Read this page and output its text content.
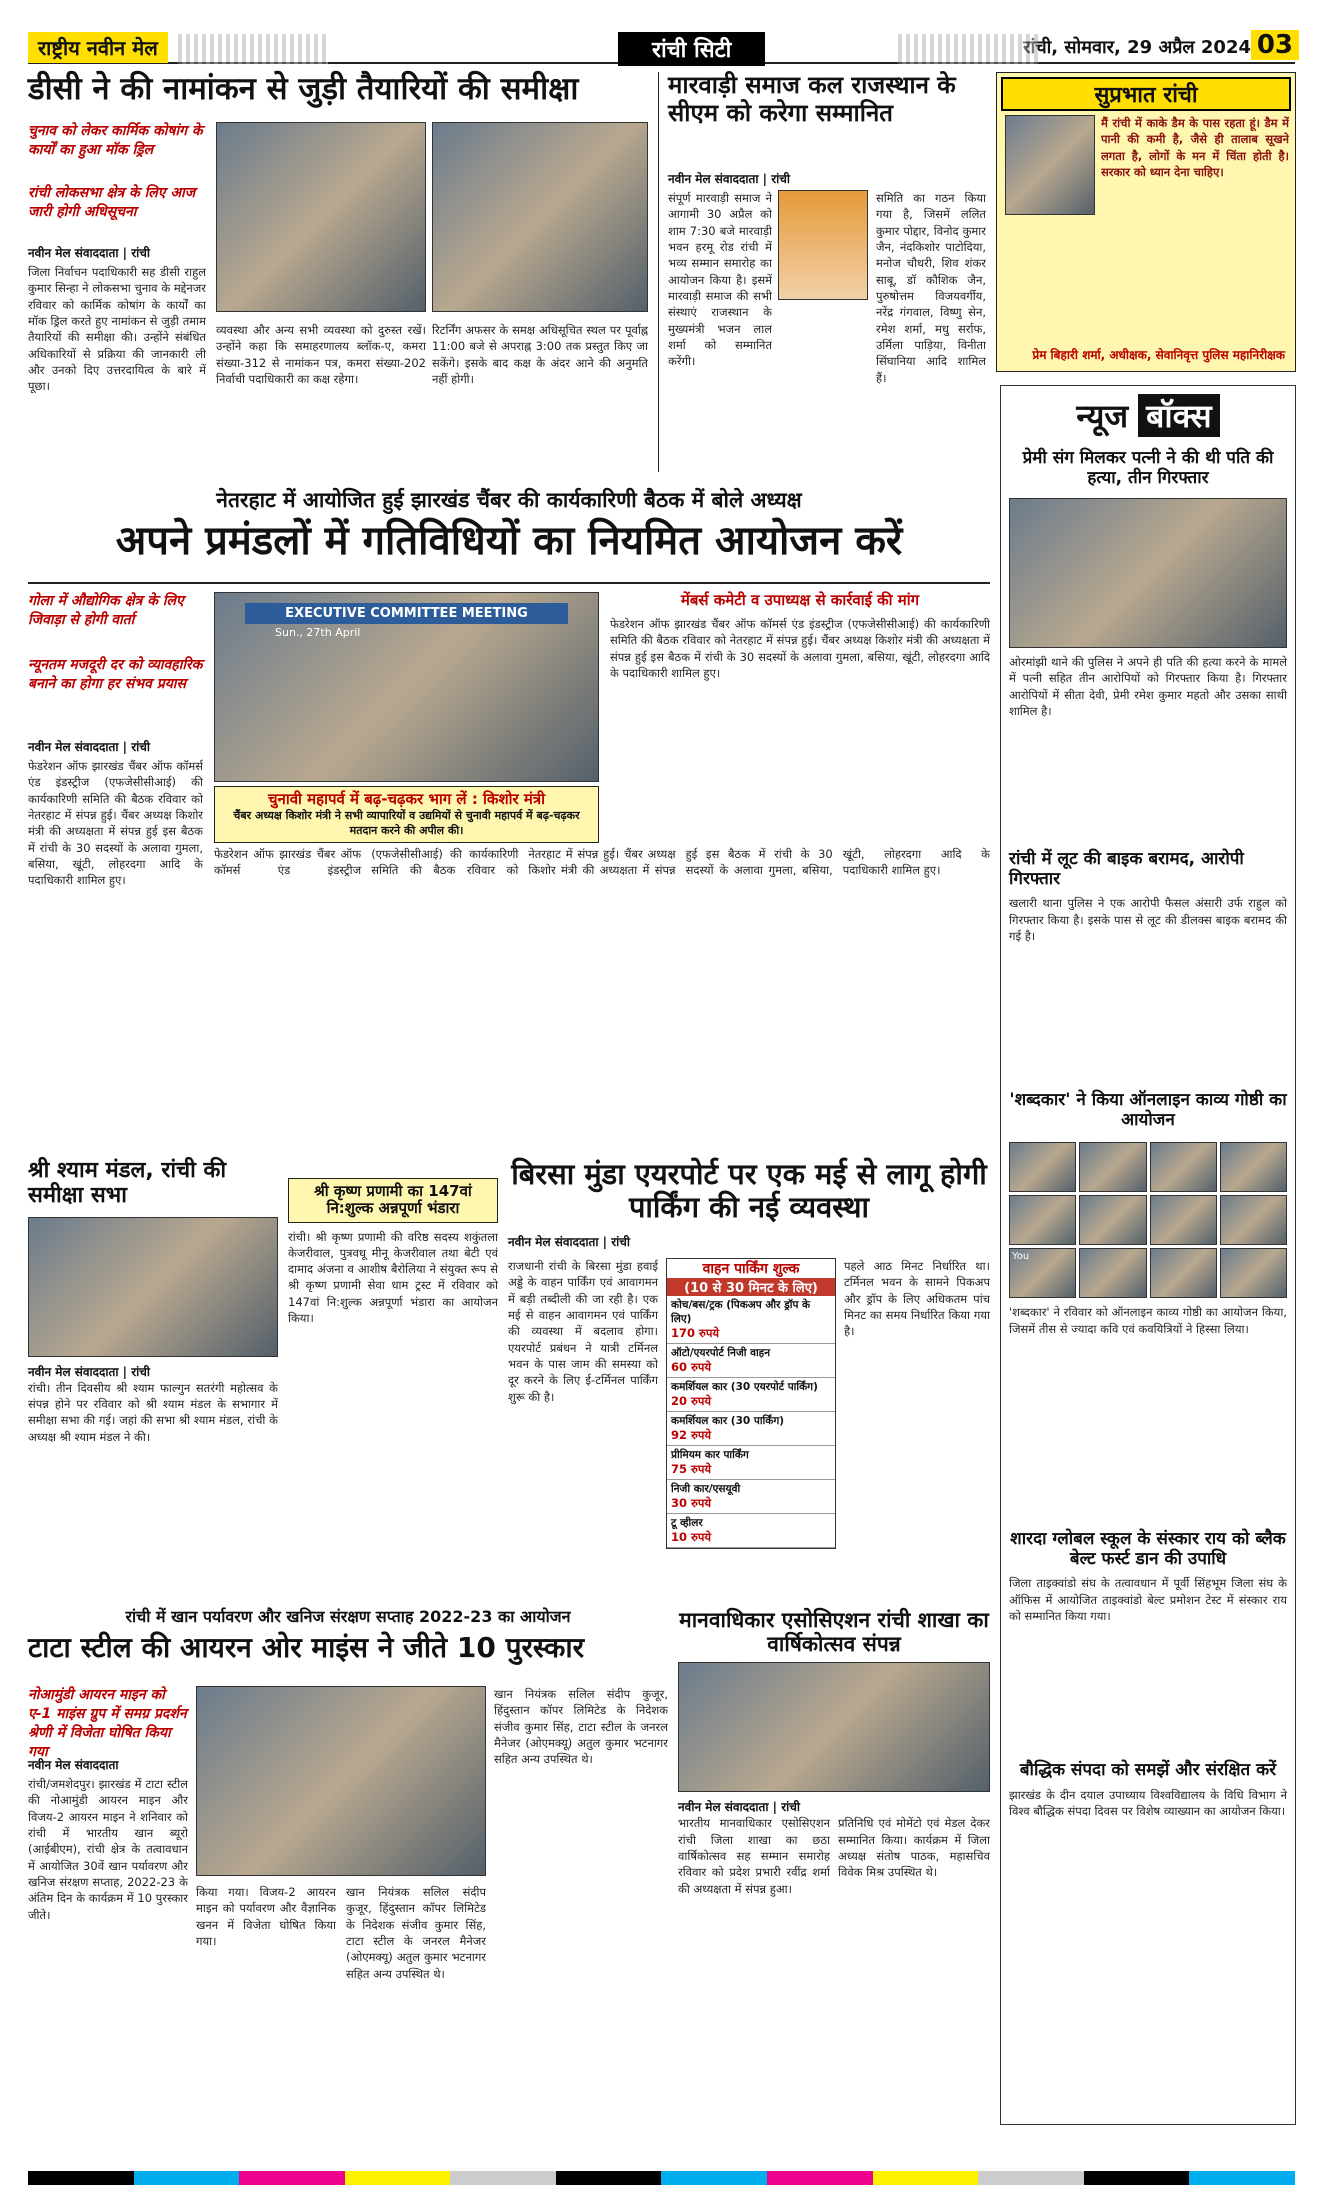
राष्ट्रीय नवीन मेल	रांची सिटी	रांची, सोमवार, 29 अप्रैल 2024 03
डीसी ने की नामांकन से जुड़ी तैयारियों की समीक्षा
चुनाव को लेकर कार्मिक कोषांग के कार्यों का हुआ मॉक ड्रिल
रांची लोकसभा क्षेत्र के लिए आज जारी होगी अधिसूचना
नवीन मेल संवाददाता | रांची
जिला निर्वाचन पदाधिकारी सह डीसी राहुल कुमार सिन्हा ने लोकसभा चुनाव के मद्देनजर रविवार को कार्मिक कोषांग के कार्यों का मॉक ड्रिल करते हुए नामांकन से जुड़ी तमाम तैयारियों की समीक्षा की। उन्होंने संबंधित अधिकारियों से प्रक्रिया की जानकारी ली और उनको दिए उत्तरदायित्व के बारे में पूछा।
व्यवस्था और अन्य सभी व्यवस्था को दुरुस्त रखें। उन्होंने कहा कि समाहरणालय ब्लॉक-ए, कमरा संख्या-312 से नामांकन पत्र, कमरा संख्या-202 निर्वाची पदाधिकारी का कक्ष रहेगा।
रिटर्निंग अफसर के समक्ष अधिसूचित स्थल पर पूर्वाह्न 11:00 बजे से अपराह्न 3:00 तक प्रस्तुत किए जा सकेंगे। इसके बाद कक्ष के अंदर आने की अनुमति नहीं होगी।
मारवाड़ी समाज कल राजस्थान के सीएम को करेगा सम्मानित
नवीन मेल संवाददाता | रांची
संपूर्ण मारवाड़ी समाज ने आगामी 30 अप्रैल को शाम 7:30 बजे मारवाड़ी भवन हरमू रोड रांची में भव्य सम्मान समारोह का आयोजन किया है। इसमें मारवाड़ी समाज की सभी संस्थाएं राजस्थान के मुख्यमंत्री भजन लाल शर्मा को सम्मानित करेंगी।
समिति का गठन किया गया है, जिसमें ललित कुमार पोद्दार, विनोद कुमार जैन, नंदकिशोर पाटोदिया, मनोज चौधरी, शिव शंकर साबू, डॉ कौशिक जैन, पुरुषोत्तम विजयवर्गीय, नरेंद्र गंगवाल, विष्णु सेन, रमेश शर्मा, मधु सर्राफ, उर्मिला पाड़िया, विनीता सिंघानिया आदि शामिल हैं।
सुप्रभात रांची
मैं रांची में काके डैम के पास रहता हूं। डैम में पानी की कमी है, जैसे ही तालाब सूखने लगता है, लोगों के मन में चिंता होती है। सरकार को ध्यान देना चाहिए।
प्रेम बिहारी शर्मा, अधीक्षक, सेवानिवृत्त पुलिस महानिरीक्षक
न्यूज बॉक्स
प्रेमी संग मिलकर पत्नी ने की थी पति की हत्या, तीन गिरफ्तार
ओरमांझी थाने की पुलिस ने अपने ही पति की हत्या करने के मामले में पत्नी सहित तीन आरोपियों को गिरफ्तार किया है। गिरफ्तार आरोपियों में सीता देवी, प्रेमी रमेश कुमार महतो और उसका साथी शामिल है।
रांची में लूट की बाइक बरामद, आरोपी गिरफ्तार
खलारी थाना पुलिस ने एक आरोपी फैसल अंसारी उर्फ राहुल को गिरफ्तार किया है। इसके पास से लूट की डीलक्स बाइक बरामद की गई है।
'शब्दकार' ने किया ऑनलाइन काव्य गोष्ठी का आयोजन
You
'शब्दकार' ने रविवार को ऑनलाइन काव्य गोष्ठी का आयोजन किया, जिसमें तीस से ज्यादा कवि एवं कवयित्रियों ने हिस्सा लिया।
शारदा ग्लोबल स्कूल के संस्कार राय को ब्लैक बेल्ट फर्स्ट डान की उपाधि
जिला ताइक्वांडो संघ के तत्वावधान में पूर्वी सिंहभूम जिला संघ के ऑफिस में आयोजित ताइक्वांडो बेल्ट प्रमोशन टेस्ट में संस्कार राय को सम्मानित किया गया।
बौद्धिक संपदा को समझें और संरक्षित करें
झारखंड के दीन दयाल उपाध्याय विश्वविद्यालय के विधि विभाग ने विश्व बौद्धिक संपदा दिवस पर विशेष व्याख्यान का आयोजन किया।
नेतरहाट में आयोजित हुई झारखंड चैंबर की कार्यकारिणी बैठक में बोले अध्यक्ष
अपने प्रमंडलों में गतिविधियों का नियमित आयोजन करें
गोला में औद्योगिक क्षेत्र के लिए जिवाड़ा से होगी वार्ता
न्यूनतम मजदूरी दर को व्यावहारिक बनाने का होगा हर संभव प्रयास
नवीन मेल संवाददाता | रांची
फेडरेशन ऑफ झारखंड चैंबर ऑफ कॉमर्स एंड इंडस्ट्रीज (एफजेसीसीआई) की कार्यकारिणी समिति की बैठक रविवार को नेतरहाट में संपन्न हुई। चैंबर अध्यक्ष किशोर मंत्री की अध्यक्षता में संपन्न हुई इस बैठक में रांची के 30 सदस्यों के अलावा गुमला, बसिया, खूंटी, लोहरदगा आदि के पदाधिकारी शामिल हुए।
EXECUTIVE COMMITTEE MEETING
Sun., 27th April
चुनावी महापर्व में बढ़-चढ़कर भाग लें : किशोर मंत्री
चैंबर अध्यक्ष किशोर मंत्री ने सभी व्यापारियों व उद्यमियों से चुनावी महापर्व में बढ़-चढ़कर मतदान करने की अपील की।
मेंबर्स कमेटी व उपाध्यक्ष से कार्रवाई की मांग
फेडरेशन ऑफ झारखंड चैंबर ऑफ कॉमर्स एंड इंडस्ट्रीज (एफजेसीसीआई) की कार्यकारिणी समिति की बैठक रविवार को नेतरहाट में संपन्न हुई। चैंबर अध्यक्ष किशोर मंत्री की अध्यक्षता में संपन्न हुई इस बैठक में रांची के 30 सदस्यों के अलावा गुमला, बसिया, खूंटी, लोहरदगा आदि के पदाधिकारी शामिल हुए।
फेडरेशन ऑफ झारखंड चैंबर ऑफ कॉमर्स एंड इंडस्ट्रीज (एफजेसीसीआई) की कार्यकारिणी समिति की बैठक रविवार को नेतरहाट में संपन्न हुई। चैंबर अध्यक्ष किशोर मंत्री की अध्यक्षता में संपन्न हुई इस बैठक में रांची के 30 सदस्यों के अलावा गुमला, बसिया, खूंटी, लोहरदगा आदि के पदाधिकारी शामिल हुए।
श्री श्याम मंडल, रांची की समीक्षा सभा
नवीन मेल संवाददाता | रांची
रांची। तीन दिवसीय श्री श्याम फाल्गुन सतरंगी महोत्सव के संपन्न होने पर रविवार को श्री श्याम मंडल के सभागार में समीक्षा सभा की गई। जहां की सभा श्री श्याम मंडल, रांची के अध्यक्ष श्री श्याम मंडल ने की।
श्री कृष्ण प्रणामी का 147वां नि:शुल्क अन्नपूर्णा भंडारा
रांची। श्री कृष्ण प्रणामी की वरिष्ठ सदस्य शकुंतला केजरीवाल, पुत्रवधू मीनू केजरीवाल तथा बेटी एवं दामाद अंजना व आशीष बैरोलिया ने संयुक्त रूप से श्री कृष्ण प्रणामी सेवा धाम ट्रस्ट में रविवार को 147वां नि:शुल्क अन्नपूर्णा भंडारा का आयोजन किया।
बिरसा मुंडा एयरपोर्ट पर एक मई से लागू होगी पार्किंग की नई व्यवस्था
नवीन मेल संवाददाता | रांची
राजधानी रांची के बिरसा मुंडा हवाई अड्डे के वाहन पार्किंग एवं आवागमन में बड़ी तब्दीली की जा रही है। एक मई से वाहन आवागमन एवं पार्किंग की व्यवस्था में बदलाव होगा। एयरपोर्ट प्रबंधन ने यात्री टर्मिनल भवन के पास जाम की समस्या को दूर करने के लिए ई-टर्मिनल पार्किंग शुरू की है।
वाहन पार्किंग शुल्क
(10 से 30 मिनट के लिए)
कोच/बस/ट्रक (पिकअप और ड्रॉप के लिए)
170 रुपये
ऑटो/एयरपोर्ट निजी वाहन
60 रुपये
कमर्शियल कार (30 एयरपोर्ट पार्किंग)
20 रुपये
कमर्शियल कार (30 पार्किंग)
92 रुपये
प्रीमियम कार पार्किंग
75 रुपये
निजी कार/एसयूवी
30 रुपये
टू व्हीलर
10 रुपये
पहले आठ मिनट निर्धारित था। टर्मिनल भवन के सामने पिकअप और ड्रॉप के लिए अधिकतम पांच मिनट का समय निर्धारित किया गया है।
रांची में खान पर्यावरण और खनिज संरक्षण सप्ताह 2022-23 का आयोजन
टाटा स्टील की आयरन ओर माइंस ने जीते 10 पुरस्कार
नोआमुंडी आयरन माइन को ए-1 माइंस ग्रुप में समग्र प्रदर्शन श्रेणी में विजेता घोषित किया गया
नवीन मेल संवाददाता
रांची/जमशेदपुर। झारखंड में टाटा स्टील की नोआमुंडी आयरन माइन और विजय-2 आयरन माइन ने शनिवार को रांची में भारतीय खान ब्यूरो (आईबीएम), रांची क्षेत्र के तत्वावधान में आयोजित 30वें खान पर्यावरण और खनिज संरक्षण सप्ताह, 2022-23 के अंतिम दिन के कार्यक्रम में 10 पुरस्कार जीते।
किया गया। विजय-2 आयरन माइन को पर्यावरण और वैज्ञानिक खनन में विजेता घोषित किया गया।
खान नियंत्रक सलिल संदीप कुजूर, हिंदुस्तान कॉपर लिमिटेड के निदेशक संजीव कुमार सिंह, टाटा स्टील के जनरल मैनेजर (ओएमक्यू) अतुल कुमार भटनागर सहित अन्य उपस्थित थे।
खान नियंत्रक सलिल संदीप कुजूर, हिंदुस्तान कॉपर लिमिटेड के निदेशक संजीव कुमार सिंह, टाटा स्टील के जनरल मैनेजर (ओएमक्यू) अतुल कुमार भटनागर सहित अन्य उपस्थित थे।
मानवाधिकार एसोसिएशन रांची शाखा का वार्षिकोत्सव संपन्न
नवीन मेल संवाददाता | रांची
भारतीय मानवाधिकार एसोसिएशन रांची जिला शाखा का छठा वार्षिकोत्सव सह सम्मान समारोह रविवार को प्रदेश प्रभारी रवींद्र शर्मा की अध्यक्षता में संपन्न हुआ।
प्रतिनिधि एवं मोमेंटो एवं मेडल देकर सम्मानित किया। कार्यक्रम में जिला अध्यक्ष संतोष पाठक, महासचिव विवेक मिश्र उपस्थित थे।
